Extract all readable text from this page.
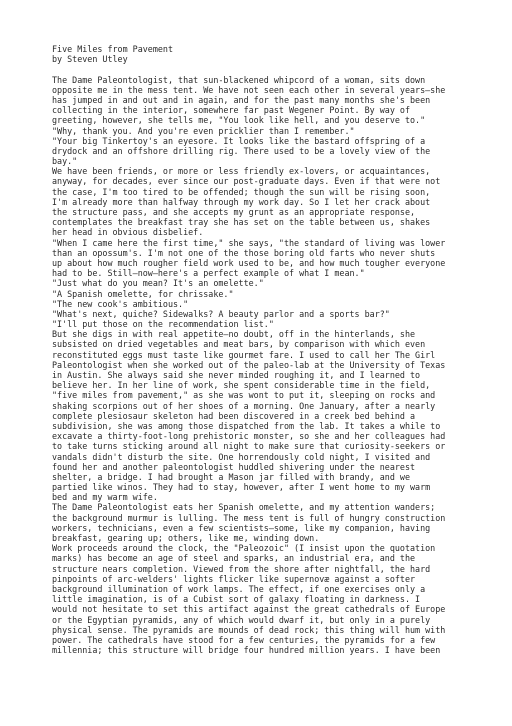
Five Miles from Pavement
by Steven Utley
The Dame Paleontologist, that sun-blackened whipcord of a woman, sits down
opposite me in the mess tent. We have not seen each other in several years—she
has jumped in and out and in again, and for the past many months she's been
collecting in the interior, somewhere far past Wegener Point. By way of
greeting, however, she tells me, "You look like hell, and you deserve to."
"Why, thank you. And you're even pricklier than I remember."
"Your big Tinkertoy's an eyesore. It looks like the bastard offspring of a
drydock and an offshore drilling rig. There used to be a lovely view of the
bay."
We have been friends, or more or less friendly ex-lovers, or acquaintances,
anyway, for decades, ever since our post-graduate days. Even if that were not
the case, I'm too tired to be offended; though the sun will be rising soon,
I'm already more than halfway through my work day. So I let her crack about
the structure pass, and she accepts my grunt as an appropriate response,
contemplates the breakfast tray she has set on the table between us, shakes
her head in obvious disbelief.
"When I came here the first time," she says, "the standard of living was lower
than an opossum's. I'm not one of the those boring old farts who never shuts
up about how much rougher field work used to be, and how much tougher everyone
had to be. Still—now—here's a perfect example of what I mean."
"Just what do you mean? It's an omelette."
"A Spanish omelette, for chrissake."
"The new cook's ambitious."
"What's next, quiche? Sidewalks? A beauty parlor and a sports bar?"
"I'll put those on the recommendation list."
But she digs in with real appetite—no doubt, off in the hinterlands, she
subsisted on dried vegetables and meat bars, by comparison with which even
reconstituted eggs must taste like gourmet fare. I used to call her The Girl
Paleontologist when she worked out of the paleo-lab at the University of Texas
in Austin. She always said she never minded roughing it, and I learned to
believe her. In her line of work, she spent considerable time in the field,
"five miles from pavement," as she was wont to put it, sleeping on rocks and
shaking scorpions out of her shoes of a morning. One January, after a nearly
complete plesiosaur skeleton had been discovered in a creek bed behind a
subdivision, she was among those dispatched from the lab. It takes a while to
excavate a thirty-foot-long prehistoric monster, so she and her colleagues had
to take turns sticking around all night to make sure that curiosity-seekers or
vandals didn't disturb the site. One horrendously cold night, I visited and
found her and another paleontologist huddled shivering under the nearest
shelter, a bridge. I had brought a Mason jar filled with brandy, and we
partied like winos. They had to stay, however, after I went home to my warm
bed and my warm wife.
The Dame Paleontologist eats her Spanish omelette, and my attention wanders;
the background murmur is lulling. The mess tent is full of hungry construction
workers, technicians, even a few scientists—some, like my companion, having
breakfast, gearing up; others, like me, winding down.
Work proceeds around the clock, the "Paleozoic" (I insist upon the quotation
marks) has become an age of steel and sparks, an industrial era, and the
structure nears completion. Viewed from the shore after nightfall, the hard
pinpoints of arc-welders' lights flicker like supernovæ against a softer
background illumination of work lamps. The effect, if one exercises only a
little imagination, is of a Cubist sort of galaxy floating in darkness. I
would not hesitate to set this artifact against the great cathedrals of Europe
or the Egyptian pyramids, any of which would dwarf it, but only in a purely
physical sense. The pyramids are mounds of dead rock; this thing will hum with
power. The cathedrals have stood for a few centuries, the pyramids for a few
millennia; this structure will bridge four hundred million years. I have been
